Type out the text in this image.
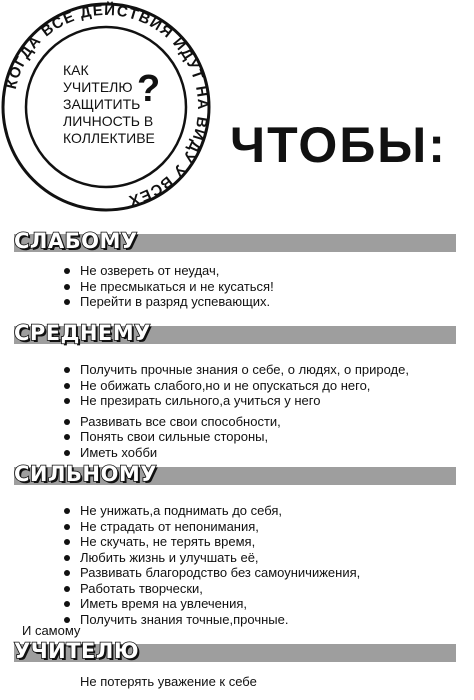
КОГДА ВСЕ ДЕЙСТВИЯ ИДУТ НА ВИДУ У ВСЕХ
КАК
УЧИТЕЛЮ
ЗАЩИТИТЬ
ЛИЧНОСТЬ В
КОЛЛЕКТИВЕ
?
ЧТОБЫ:
СЛАБОМУ
Не озвереть от неудач,
Не пресмыкаться и не кусаться!
Перейти в разряд успевающих.
СРЕДНЕМУ
Получить прочные знания о себе, о людях, о природе,
Не обижать слабого,но и не опускаться до него,
Не презирать сильного,а учиться у него
Развивать все свои способности,
Понять свои сильные стороны,
Иметь хобби
СИЛЬНОМУ
Не унижать,а поднимать до себя,
Не страдать от непонимания,
Не скучать, не терять время,
Любить жизнь и улучшать её,
Развивать благородство без самоуничижения,
Работать творчески,
Иметь время на увлечения,
Получить знания точные,прочные.
И самому
УЧИТЕЛЮ
Не потерять уважение к себе
